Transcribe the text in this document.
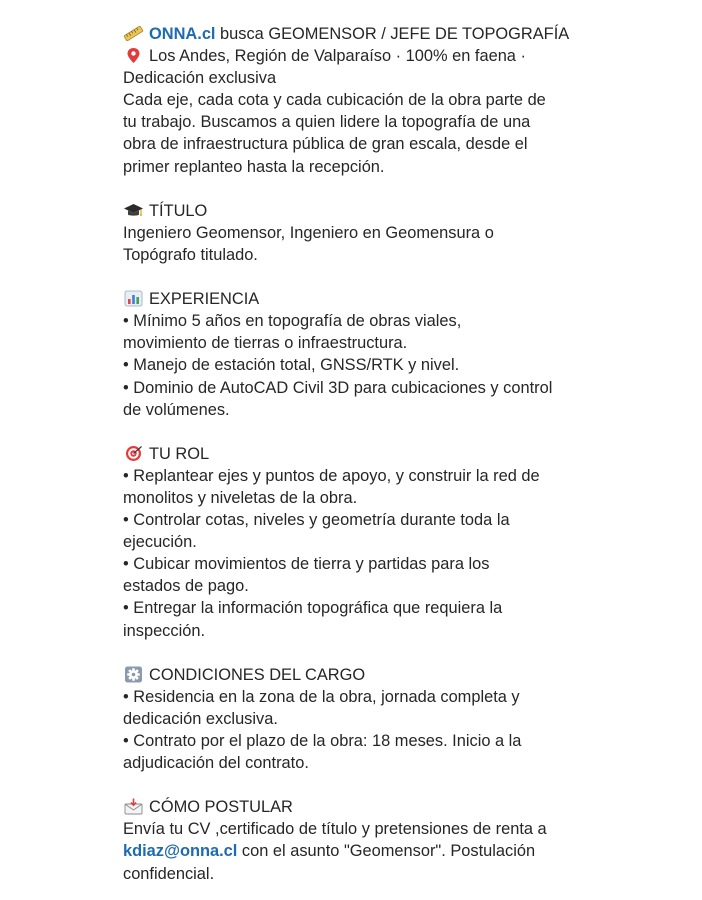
ONNA.cl busca GEOMENSOR / JEFE DE TOPOGRAFÍA
Los Andes, Región de Valparaíso · 100% en faena ·
Dedicación exclusiva
Cada eje, cada cota y cada cubicación de la obra parte de
tu trabajo. Buscamos a quien lidere la topografía de una
obra de infraestructura pública de gran escala, desde el
primer replanteo hasta la recepción.
TÍTULO
Ingeniero Geomensor, Ingeniero en Geomensura o
Topógrafo titulado.
EXPERIENCIA
• Mínimo 5 años en topografía de obras viales,
movimiento de tierras o infraestructura.
• Manejo de estación total, GNSS/RTK y nivel.
• Dominio de AutoCAD Civil 3D para cubicaciones y control
de volúmenes.
TU ROL
• Replantear ejes y puntos de apoyo, y construir la red de
monolitos y niveletas de la obra.
• Controlar cotas, niveles y geometría durante toda la
ejecución.
• Cubicar movimientos de tierra y partidas para los
estados de pago.
• Entregar la información topográfica que requiera la
inspección.
CONDICIONES DEL CARGO
• Residencia en la zona de la obra, jornada completa y
dedicación exclusiva.
• Contrato por el plazo de la obra: 18 meses. Inicio a la
adjudicación del contrato.
CÓMO POSTULAR
Envía tu CV ,certificado de título y pretensiones de renta a
kdiaz@onna.cl con el asunto "Geomensor". Postulación
confidencial.
